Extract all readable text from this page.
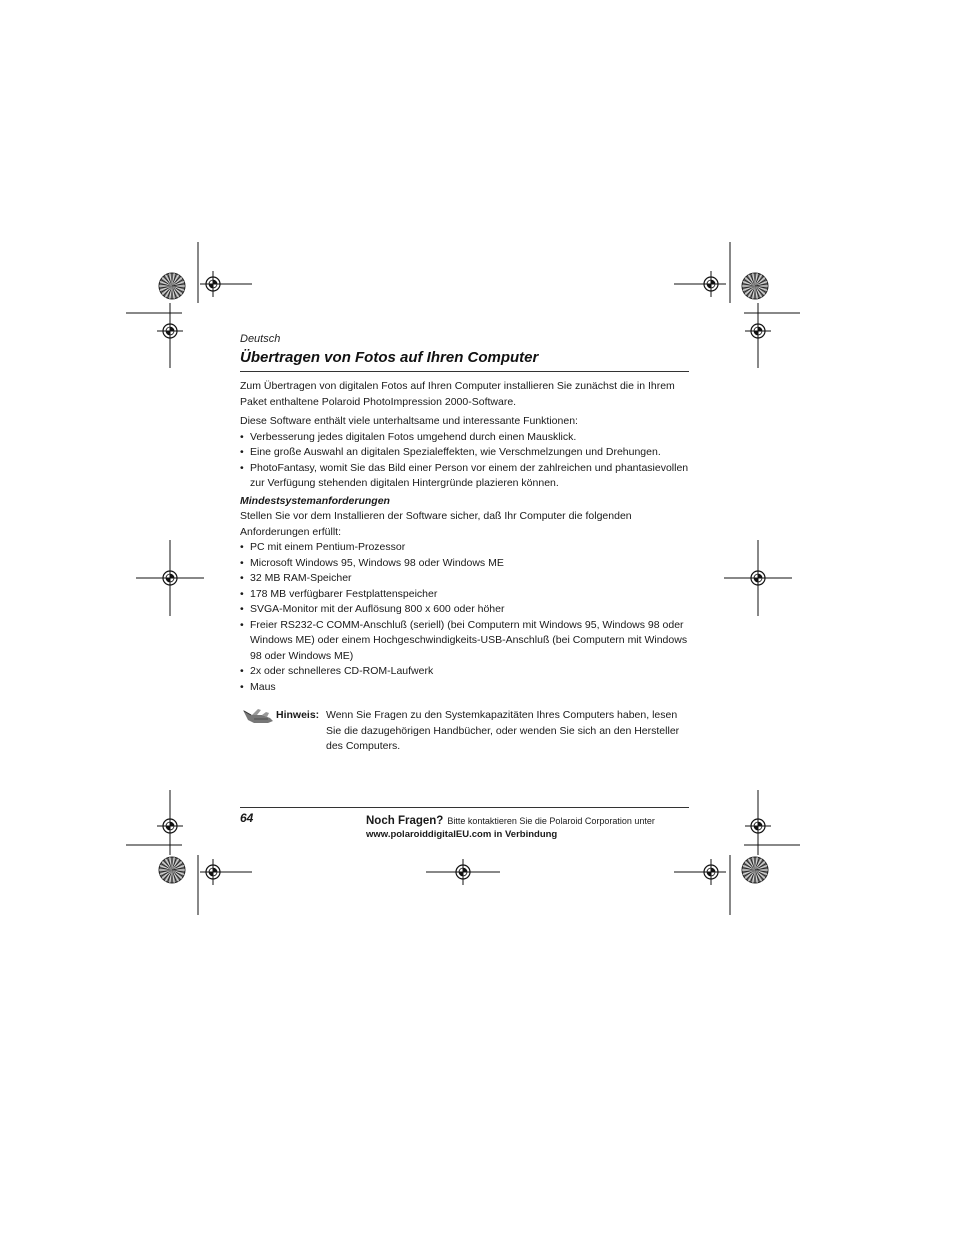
Deutsch
Übertragen von Fotos auf Ihren Computer

Zum Übertragen von digitalen Fotos auf Ihren Computer installieren Sie zunächst die in Ihrem Paket enthaltene Polaroid PhotoImpression 2000-Software.

Diese Software enthält viele unterhaltsame und interessante Funktionen:

• Verbesserung jedes digitalen Fotos umgehend durch einen Mausklick.
• Eine große Auswahl an digitalen Spezialeffekten, wie Verschmelzungen und Drehungen.
• PhotoFantasy, womit Sie das Bild einer Person vor einem der zahlreichen und phantasievollen zur Verfügung stehenden digitalen Hintergründe plazieren können.

Mindestsystemanforderungen

Stellen Sie vor dem Installieren der Software sicher, daß Ihr Computer die folgenden Anforderungen erfüllt:

• PC mit einem Pentium-Prozessor
• Microsoft Windows 95, Windows 98 oder Windows ME
• 32 MB RAM-Speicher
• 178 MB verfügbarer Festplattenspeicher
• SVGA-Monitor mit der Auflösung 800 x 600 oder höher
• Freier RS232-C COMM-Anschluß (seriell) (bei Computern mit Windows 95, Windows 98 oder Windows ME) oder einem Hochgeschwindigkeits-USB-Anschluß (bei Computern mit Windows 98 oder Windows ME)
• 2x oder schnelleres CD-ROM-Laufwerk
• Maus
Hinweis: Wenn Sie Fragen zu den Systemkapazitäten Ihres Computers haben, lesen Sie die dazugehörigen Handbücher, oder wenden Sie sich an den Hersteller des Computers.
64	Noch Fragen? Bitte kontaktieren Sie die Polaroid Corporation unter
www.polaroiddigitalEU.com in Verbindung
